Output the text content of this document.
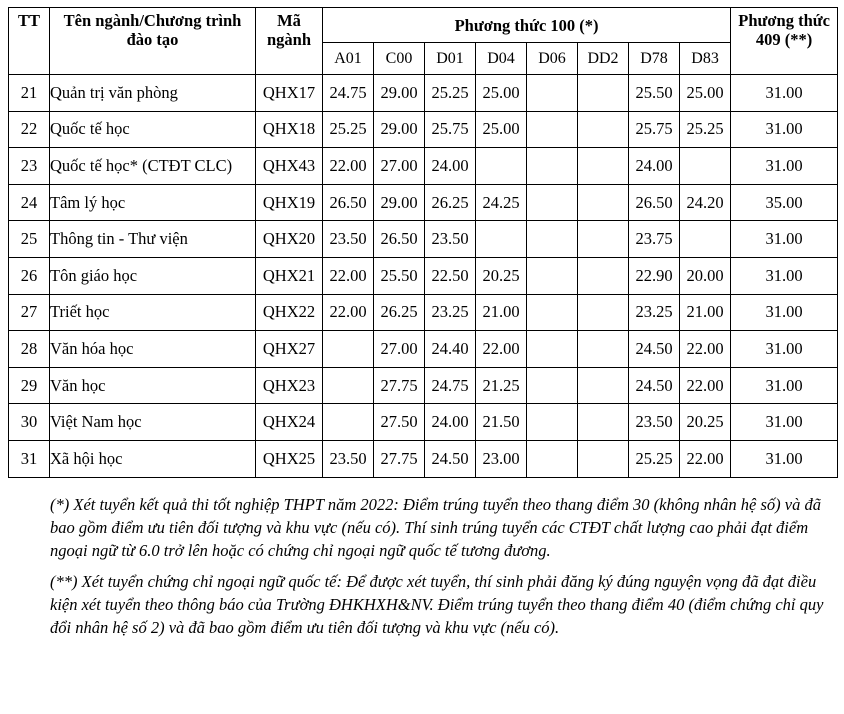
TT	Tên ngành/Chương trình đào tạo	Mã ngành	Phương thức 100 (*)								Phương thức 409 (**)
			A01	C00	D01	D04	D06	DD2	D78	D83	
21	Quản trị văn phòng	QHX17	24.75	29.00	25.25	25.00			25.50	25.00	31.00
22	Quốc tế học	QHX18	25.25	29.00	25.75	25.00			25.75	25.25	31.00
23	Quốc tế học* (CTĐT CLC)	QHX43	22.00	27.00	24.00				24.00		31.00
24	Tâm lý học	QHX19	26.50	29.00	26.25	24.25			26.50	24.20	35.00
25	Thông tin - Thư viện	QHX20	23.50	26.50	23.50				23.75		31.00
26	Tôn giáo học	QHX21	22.00	25.50	22.50	20.25			22.90	20.00	31.00
27	Triết học	QHX22	22.00	26.25	23.25	21.00			23.25	21.00	31.00
28	Văn hóa học	QHX27		27.00	24.40	22.00			24.50	22.00	31.00
29	Văn học	QHX23		27.75	24.75	21.25			24.50	22.00	31.00
30	Việt Nam học	QHX24		27.50	24.00	21.50			23.50	20.25	31.00
31	Xã hội học	QHX25	23.50	27.75	24.50	23.00			25.25	22.00	31.00

(*) Xét tuyển kết quả thi tốt nghiệp THPT năm 2022: Điểm trúng tuyển theo thang điểm 30 (không nhân hệ số) và đã bao gồm điểm ưu tiên đối tượng và khu vực (nếu có). Thí sinh trúng tuyển các CTĐT chất lượng cao phải đạt điểm ngoại ngữ từ 6.0 trở lên hoặc có chứng chỉ ngoại ngữ quốc tế tương đương.

(**) Xét tuyển chứng chỉ ngoại ngữ quốc tế: Để được xét tuyển, thí sinh phải đăng ký đúng nguyện vọng đã đạt điều kiện xét tuyển theo thông báo của Trường ĐHKHXH&NV. Điểm trúng tuyển theo thang điểm 40 (điểm chứng chỉ quy đổi nhân hệ số 2) và đã bao gồm điểm ưu tiên đối tượng và khu vực (nếu có).
